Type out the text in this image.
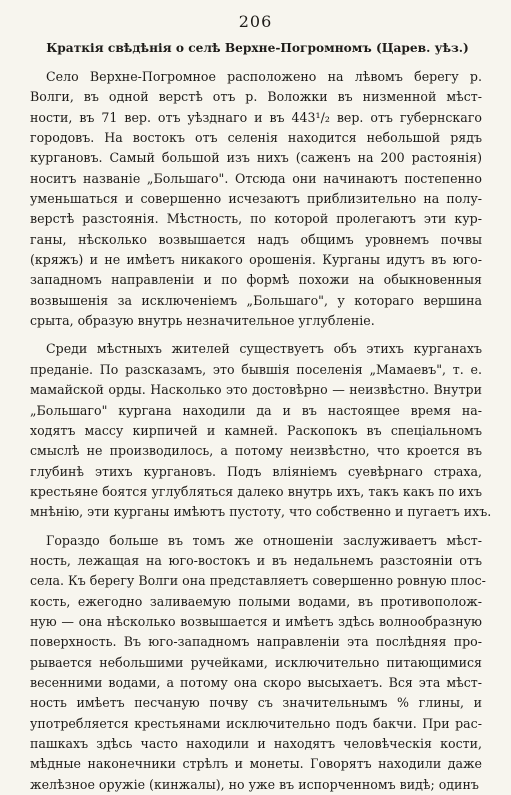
206
Краткія свѣдѣнія о селѣ Верхне-Погромномъ (Царев. уѣз.)
Село Верхне-Погромное расположено на лѣвомъ берегу р.
Волги, въ одной верстѣ отъ р. Воложки въ низменной мѣст-
ности, въ 71 вер. отъ уѣзднаго и въ 443¹/₂ вер. отъ губернскаго
городовъ. На востокъ отъ селенія находится небольшой рядъ
кургановъ. Самый большой изъ нихъ (саженъ на 200 растоянія)
носитъ названіе „Большаго". Отсюда они начинаютъ постепенно
уменьшаться и совершенно исчезаютъ приблизительно на полу-
верстѣ разстоянія. Мѣстность, по которой пролегаютъ эти кур-
ганы, нѣсколько возвышается надъ общимъ уровнемъ почвы
(кряжъ) и не имѣетъ никакого орошенія. Курганы идутъ въ юго-
западномъ направленіи и по формѣ похожи на обыкновенныя
возвышенія за исключеніемъ „Большаго", у котораго вершина
срыта, образую внутрь незначительное углубленіе.
Среди мѣстныхъ жителей существуетъ объ этихъ курганахъ
преданіе. По разсказамъ, это бывшія поселенія „Мамаевъ", т. е.
мамайской орды. Насколько это достовѣрно — неизвѣстно. Внутри
„Большаго" кургана находили да и въ настоящее время на-
ходятъ массу кирпичей и камней. Раскопокъ въ спеціальномъ
смыслѣ не производилось, а потому неизвѣстно, что кроется въ
глубинѣ этихъ кургановъ. Подъ вліяніемъ суевѣрнаго страха,
крестьяне боятся углубляться далеко внутрь ихъ, такъ какъ по ихъ
мнѣнію, эти курганы имѣютъ пустоту, что собственно и пугаетъ ихъ.
Гораздо больше въ томъ же отношеніи заслуживаетъ мѣст-
ность, лежащая на юго-востокъ и въ недальнемъ разстояніи отъ
села. Къ берегу Волги она представляетъ совершенно ровную плос-
кость, ежегодно заливаемую полыми водами, въ противополож-
ную — она нѣсколько возвышается и имѣетъ здѣсь волнообразную
поверхность. Въ юго-западномъ направленіи эта послѣдняя про-
рывается небольшими ручейками, исключительно питающимися
весенними водами, а потому она скоро высыхаетъ. Вся эта мѣст-
ность имѣетъ песчаную почву съ значительнымъ % глины, и
употребляется крестьянами исключительно подъ бакчи. При рас-
пашкахъ здѣсь часто находили и находятъ человѣческія кости,
мѣдные наконечники стрѣлъ и монеты. Говорятъ находили даже
желѣзное оружіе (кинжалы), но уже въ испорченномъ видѣ; одинъ
